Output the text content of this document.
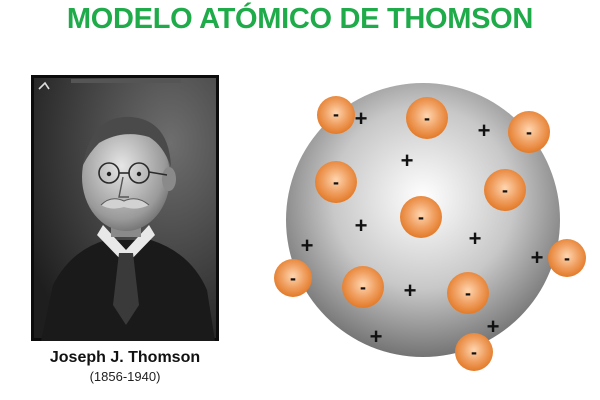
MODELO ATÓMICO DE THOMSON
Joseph J. Thomson
(1856-1940)
-	-
-
-	-
-
-
-	-	-
-
+	+
+
+
+
+	+
+
+
+
